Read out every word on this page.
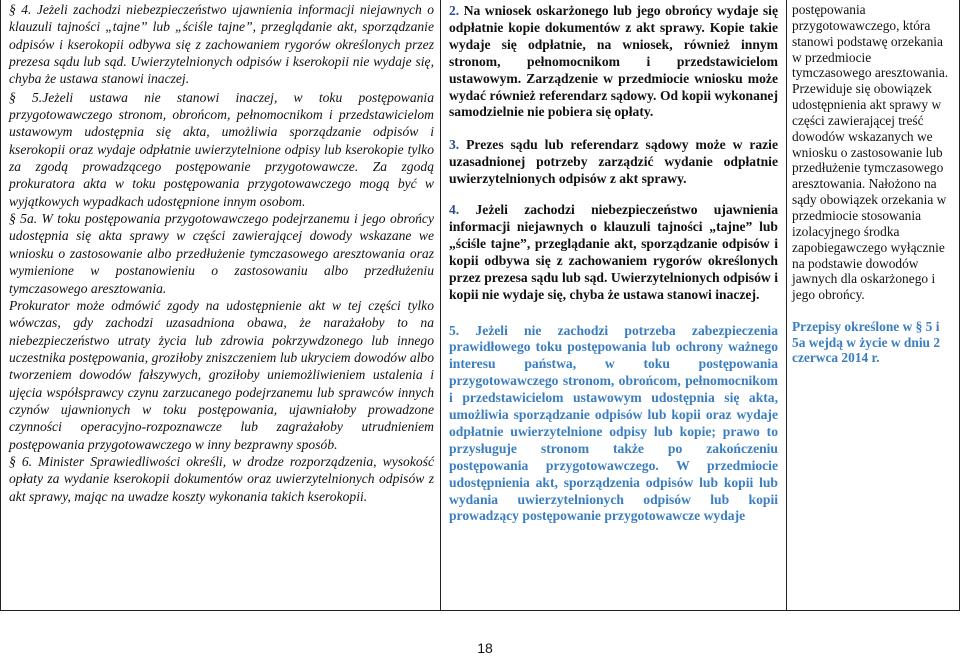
§ 4. Jeżeli zachodzi niebezpieczeństwo ujawnienia informacji niejawnych o klauzuli tajności „tajne” lub „ściśle tajne”, przeglądanie akt, sporządzanie odpisów i kserokopii odbywa się z zachowaniem rygorów określonych przez prezesa sądu lub sąd. Uwierzytelnionych odpisów i kserokopii nie wydaje się, chyba że ustawa stanowi inaczej.

§ 5.Jeżeli ustawa nie stanowi inaczej, w toku postępowania przygotowawczego stronom, obrońcom, pełnomocnikom i przedstawicielom ustawowym udostępnia się akta, umożliwia sporządzanie odpisów i kserokopii oraz wydaje odpłatnie uwierzytelnione odpisy lub kserokopie tylko za zgodą prowadzącego postępowanie przygotowawcze. Za zgodą prokuratora akta w toku postępowania przygotowawczego mogą być w wyjątkowych wypadkach udostępnione innym osobom.

§ 5a. W toku postępowania przygotowawczego podejrzanemu i jego obrońcy udostępnia się akta sprawy w części zawierającej dowody wskazane we wniosku o zastosowanie albo przedłużenie tymczasowego aresztowania oraz wymienione w postanowieniu o zastosowaniu albo przedłużeniu tymczasowego aresztowania.

Prokurator może odmówić zgody na udostępnienie akt w tej części tylko wówczas, gdy zachodzi uzasadniona obawa, że narażałoby to na niebezpieczeństwo utraty życia lub zdrowia pokrzywdzonego lub innego uczestnika postępowania, groziłoby zniszczeniem lub ukryciem dowodów albo tworzeniem dowodów fałszywych, groziłoby uniemożliwieniem ustalenia i ujęcia współsprawcy czynu zarzucanego podejrzanemu lub sprawców innych czynów ujawnionych w toku postępowania, ujawniałoby prowadzone czynności operacyjno-rozpoznawcze lub zagrażałoby utrudnieniem postępowania przygotowawczego w inny bezprawny sposób.

§ 6. Minister Sprawiedliwości określi, w drodze rozporządzenia, wysokość opłaty za wydanie kserokopii dokumentów oraz uwierzytelnionych odpisów z akt sprawy, mając na uwadze koszty wykonania takich kserokopii.

2. Na wniosek oskarżonego lub jego obrońcy wydaje się odpłatnie kopie dokumentów z akt sprawy. Kopie takie wydaje się odpłatnie, na wniosek, również innym stronom, pełnomocnikom i przedstawicielom ustawowym. Zarządzenie w przedmiocie wniosku może wydać również referendarz sądowy. Od kopii wykonanej samodzielnie nie pobiera się opłaty.

3. Prezes sądu lub referendarz sądowy może w razie uzasadnionej potrzeby zarządzić wydanie odpłatnie uwierzytelnionych odpisów z akt sprawy.

4. Jeżeli zachodzi niebezpieczeństwo ujawnienia informacji niejawnych o klauzuli tajności „tajne” lub „ściśle tajne”, przeglądanie akt, sporządzanie odpisów i kopii odbywa się z zachowaniem rygorów określonych przez prezesa sądu lub sąd. Uwierzytelnionych odpisów i kopii nie wydaje się, chyba że ustawa stanowi inaczej.

5. Jeżeli nie zachodzi potrzeba zabezpieczenia prawidłowego toku postępowania lub ochrony ważnego interesu państwa, w toku postępowania przygotowawczego stronom, obrońcom, pełnomocnikom i przedstawicielom ustawowym udostępnia się akta, umożliwia sporządzanie odpisów lub kopii oraz wydaje odpłatnie uwierzytelnione odpisy lub kopie; prawo to przysługuje stronom także po zakończeniu postępowania przygotowawczego. W przedmiocie udostępnienia akt, sporządzenia odpisów lub kopii lub wydania uwierzytelnionych odpisów lub kopii prowadzący postępowanie przygotowawcze wydaje

postępowania przygotowawczego, która stanowi podstawę orzekania w przedmiocie tymczasowego aresztowania. Przewiduje się obowiązek udostępnienia akt sprawy w części zawierającej treść dowodów wskazanych we wniosku o zastosowanie lub przedłużenie tymczasowego aresztowania. Nałożono na sądy obowiązek orzekania w przedmiocie stosowania izolacyjnego środka zapobiegawczego wyłącznie na podstawie dowodów jawnych dla oskarżonego i jego obrońcy.

Przepisy określone w § 5 i 5a wejdą w życie w dniu 2 czerwca 2014 r.

18
